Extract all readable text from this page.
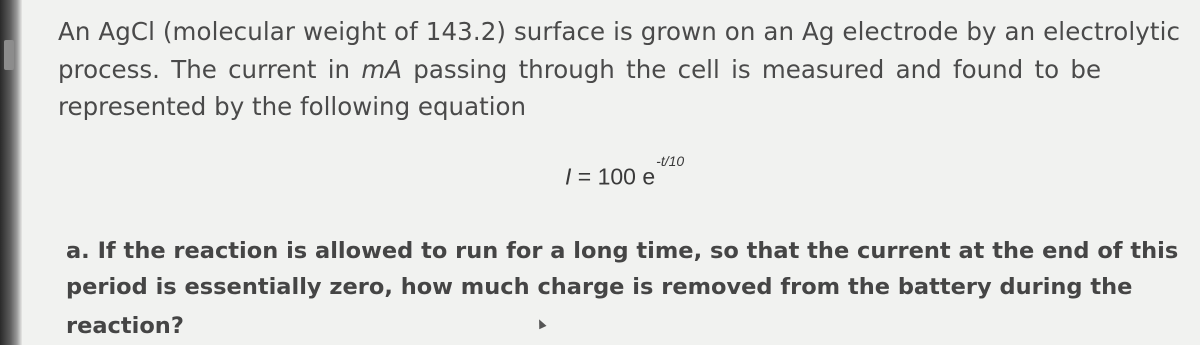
An AgCl (molecular weight of 143.2) surface is grown on an Ag electrode by an electrolytic
process. The current in mA passing through the cell is measured and found to be
represented by the following equation
I = 100 $e^{-t/10}$
a. If the reaction is allowed to run for a long time, so that the current at the end of this
period is essentially zero, how much charge is removed from the battery during the
reaction?
